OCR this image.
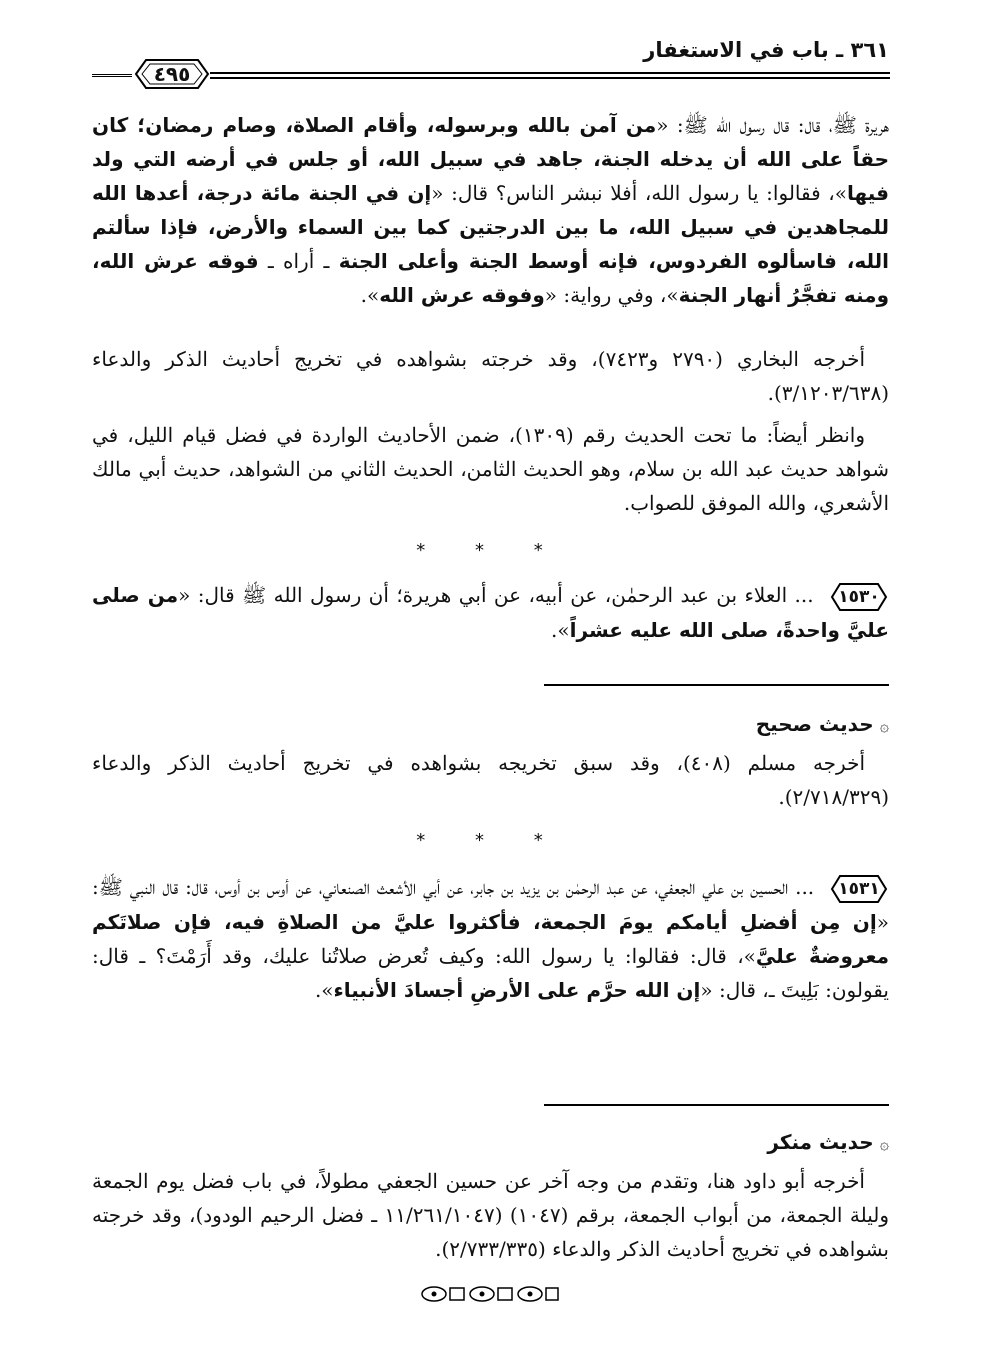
٣٦١ ـ باب في الاستغفار
٤٩٥
هريرة ﷺ، قال: قال رسول الله ﷺ: «من آمن بالله وبرسوله، وأقام الصلاة، وصام رمضان؛ كان حقاً على الله أن يدخله الجنة، جاهد في سبيل الله، أو جلس في أرضه التي ولد فيها»، فقالوا: يا رسول الله، أفلا نبشر الناس؟ قال: «إن في الجنة مائة درجة، أعدها الله للمجاهدين في سبيل الله، ما بين الدرجتين كما بين السماء والأرض، فإذا سألتم الله، فاسألوه الفردوس، فإنه أوسط الجنة وأعلى الجنة ـ أراه ـ فوقه عرش الله، ومنه تفجَّرُ أنهار الجنة»، وفي رواية: «وفوقه عرش الله».
أخرجه البخاري (٢٧٩٠ و٧٤٢٣)، وقد خرجته بشواهده في تخريج أحاديث الذكر والدعاء (٣/١٢٠٣/٦٣٨).
وانظر أيضاً: ما تحت الحديث رقم (١٣٠٩)، ضمن الأحاديث الواردة في فضل قيام الليل، في شواهد حديث عبد الله بن سلام، وهو الحديث الثامن، الحديث الثاني من الشواهد، حديث أبي مالك الأشعري، والله الموفق للصواب.
* * *
١٥٣٠
... العلاء بن عبد الرحمٰن، عن أبيه، عن أبي هريرة؛ أن رسول الله ﷺ قال: «من صلى عليَّ واحدةً، صلى الله عليه عشراً».
۞حديث صحيح
أخرجه مسلم (٤٠٨)، وقد سبق تخريجه بشواهده في تخريج أحاديث الذكر والدعاء (٢/٧١٨/٣٢٩).
* * *
١٥٣١
... الحسين بن علي الجعفي، عن عبد الرحمٰن بن يزيد بن جابر، عن أبي الأشعث الصنعاني، عن أوس بن أوس، قال: قال النبي ﷺ: «إن مِن أفضلِ أيامكم يومَ الجمعة، فأكثروا عليَّ من الصلاةِ فيه، فإن صلاتَكم معروضةٌ عليَّ»، قال: فقالوا: يا رسول الله: وكيف تُعرض صلاتُنا عليك، وقد أَرَمْتَ؟ ـ قال: يقولون: بَلِيتَ ـ، قال: «إن الله حرَّم على الأرضِ أجسادَ الأنبياء».
۞حديث منكر
أخرجه أبو داود هنا، وتقدم من وجه آخر عن حسين الجعفي مطولاً، في باب فضل يوم الجمعة وليلة الجمعة، من أبواب الجمعة، برقم (١٠٤٧) (١١/٢٦١/١٠٤٧ ـ فضل الرحيم الودود)، وقد خرجته بشواهده في تخريج أحاديث الذكر والدعاء (٢/٧٣٣/٣٣٥).
